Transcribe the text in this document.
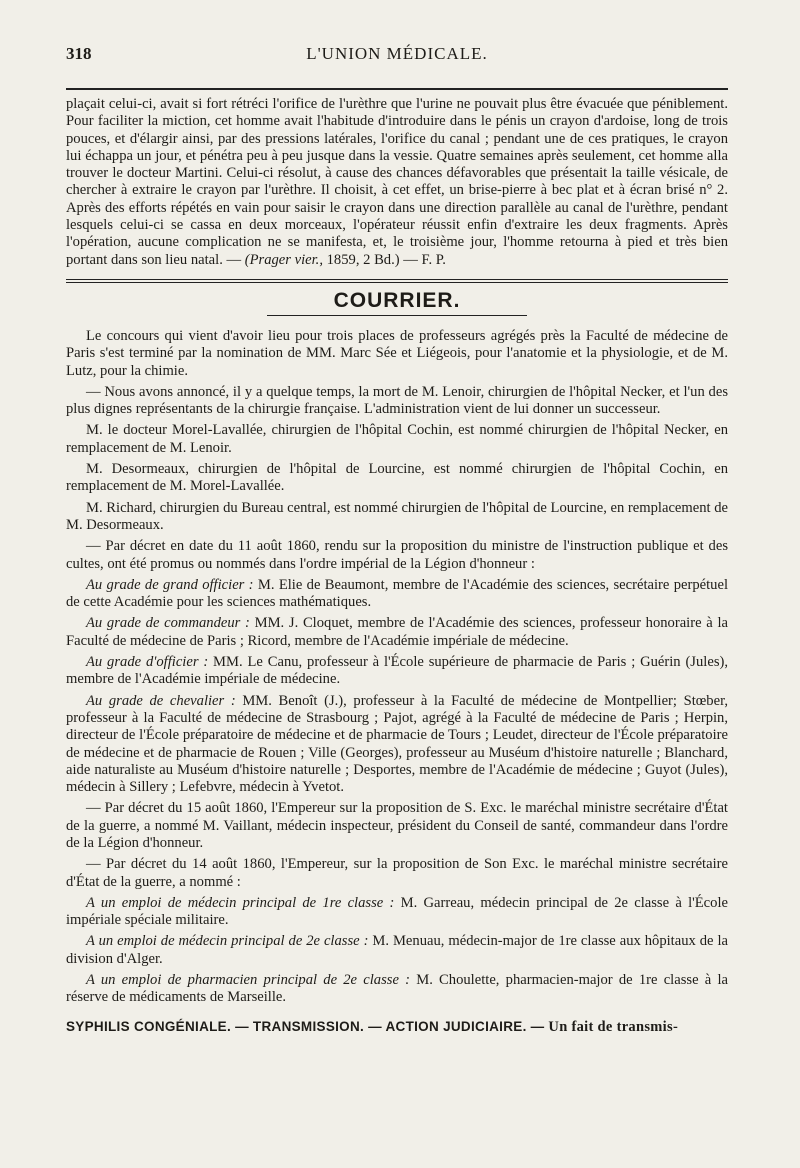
318	L'UNION MÉDICALE.

plaçait celui-ci, avait si fort rétréci l'orifice de l'urèthre que l'urine ne pouvait plus être évacuée que péniblement. Pour faciliter la miction, cet homme avait l'habitude d'introduire dans le pénis un crayon d'ardoise, long de trois pouces, et d'élargir ainsi, par des pressions latérales, l'orifice du canal ; pendant une de ces pratiques, le crayon lui échappa un jour, et pénétra peu à peu jusque dans la vessie. Quatre semaines après seulement, cet homme alla trouver le docteur Martini. Celui-ci résolut, à cause des chances défavorables que présentait la taille vésicale, de chercher à extraire le crayon par l'urèthre. Il choisit, à cet effet, un brise-pierre à bec plat et à écran brisé n° 2. Après des efforts répétés en vain pour saisir le crayon dans une direction parallèle au canal de l'urèthre, pendant lesquels celui-ci se cassa en deux morceaux, l'opérateur réussit enfin d'extraire les deux fragments. Après l'opération, aucune complication ne se manifesta, et, le troisième jour, l'homme retourna à pied et très bien portant dans son lieu natal. — (Prager vier., 1859, 2 Bd.) — F. P.

COURRIER.

Le concours qui vient d'avoir lieu pour trois places de professeurs agrégés près la Faculté de médecine de Paris s'est terminé par la nomination de MM. Marc Sée et Liégeois, pour l'anatomie et la physiologie, et de M. Lutz, pour la chimie.

— Nous avons annoncé, il y a quelque temps, la mort de M. Lenoir, chirurgien de l'hôpital Necker, et l'un des plus dignes représentants de la chirurgie française. L'administration vient de lui donner un successeur.

M. le docteur Morel-Lavallée, chirurgien de l'hôpital Cochin, est nommé chirurgien de l'hôpital Necker, en remplacement de M. Lenoir.

M. Desormeaux, chirurgien de l'hôpital de Lourcine, est nommé chirurgien de l'hôpital Cochin, en remplacement de M. Morel-Lavallée.

M. Richard, chirurgien du Bureau central, est nommé chirurgien de l'hôpital de Lourcine, en remplacement de M. Desormeaux.

— Par décret en date du 11 août 1860, rendu sur la proposition du ministre de l'instruction publique et des cultes, ont été promus ou nommés dans l'ordre impérial de la Légion d'honneur :

Au grade de grand officier : M. Elie de Beaumont, membre de l'Académie des sciences, secrétaire perpétuel de cette Académie pour les sciences mathématiques.

Au grade de commandeur : MM. J. Cloquet, membre de l'Académie des sciences, professeur honoraire à la Faculté de médecine de Paris ; Ricord, membre de l'Académie impériale de médecine.

Au grade d'officier : MM. Le Canu, professeur à l'École supérieure de pharmacie de Paris ; Guérin (Jules), membre de l'Académie impériale de médecine.

Au grade de chevalier : MM. Benoît (J.), professeur à la Faculté de médecine de Montpellier; Stœber, professeur à la Faculté de médecine de Strasbourg ; Pajot, agrégé à la Faculté de médecine de Paris ; Herpin, directeur de l'École préparatoire de médecine et de pharmacie de Tours ; Leudet, directeur de l'École préparatoire de médecine et de pharmacie de Rouen ; Ville (Georges), professeur au Muséum d'histoire naturelle ; Blanchard, aide naturaliste au Muséum d'histoire naturelle ; Desportes, membre de l'Académie de médecine ; Guyot (Jules), médecin à Sillery ; Lefebvre, médecin à Yvetot.

— Par décret du 15 août 1860, l'Empereur sur la proposition de S. Exc. le maréchal ministre secrétaire d'État de la guerre, a nommé M. Vaillant, médecin inspecteur, président du Conseil de santé, commandeur dans l'ordre de la Légion d'honneur.

— Par décret du 14 août 1860, l'Empereur, sur la proposition de Son Exc. le maréchal ministre secrétaire d'État de la guerre, a nommé :

A un emploi de médecin principal de 1re classe : M. Garreau, médecin principal de 2e classe à l'École impériale spéciale militaire.

A un emploi de médecin principal de 2e classe : M. Menuau, médecin-major de 1re classe aux hôpitaux de la division d'Alger.

A un emploi de pharmacien principal de 2e classe : M. Choulette, pharmacien-major de 1re classe à la réserve de médicaments de Marseille.

SYPHILIS CONGÉNIALE. — TRANSMISSION. — ACTION JUDICIAIRE. — Un fait de transmis-
